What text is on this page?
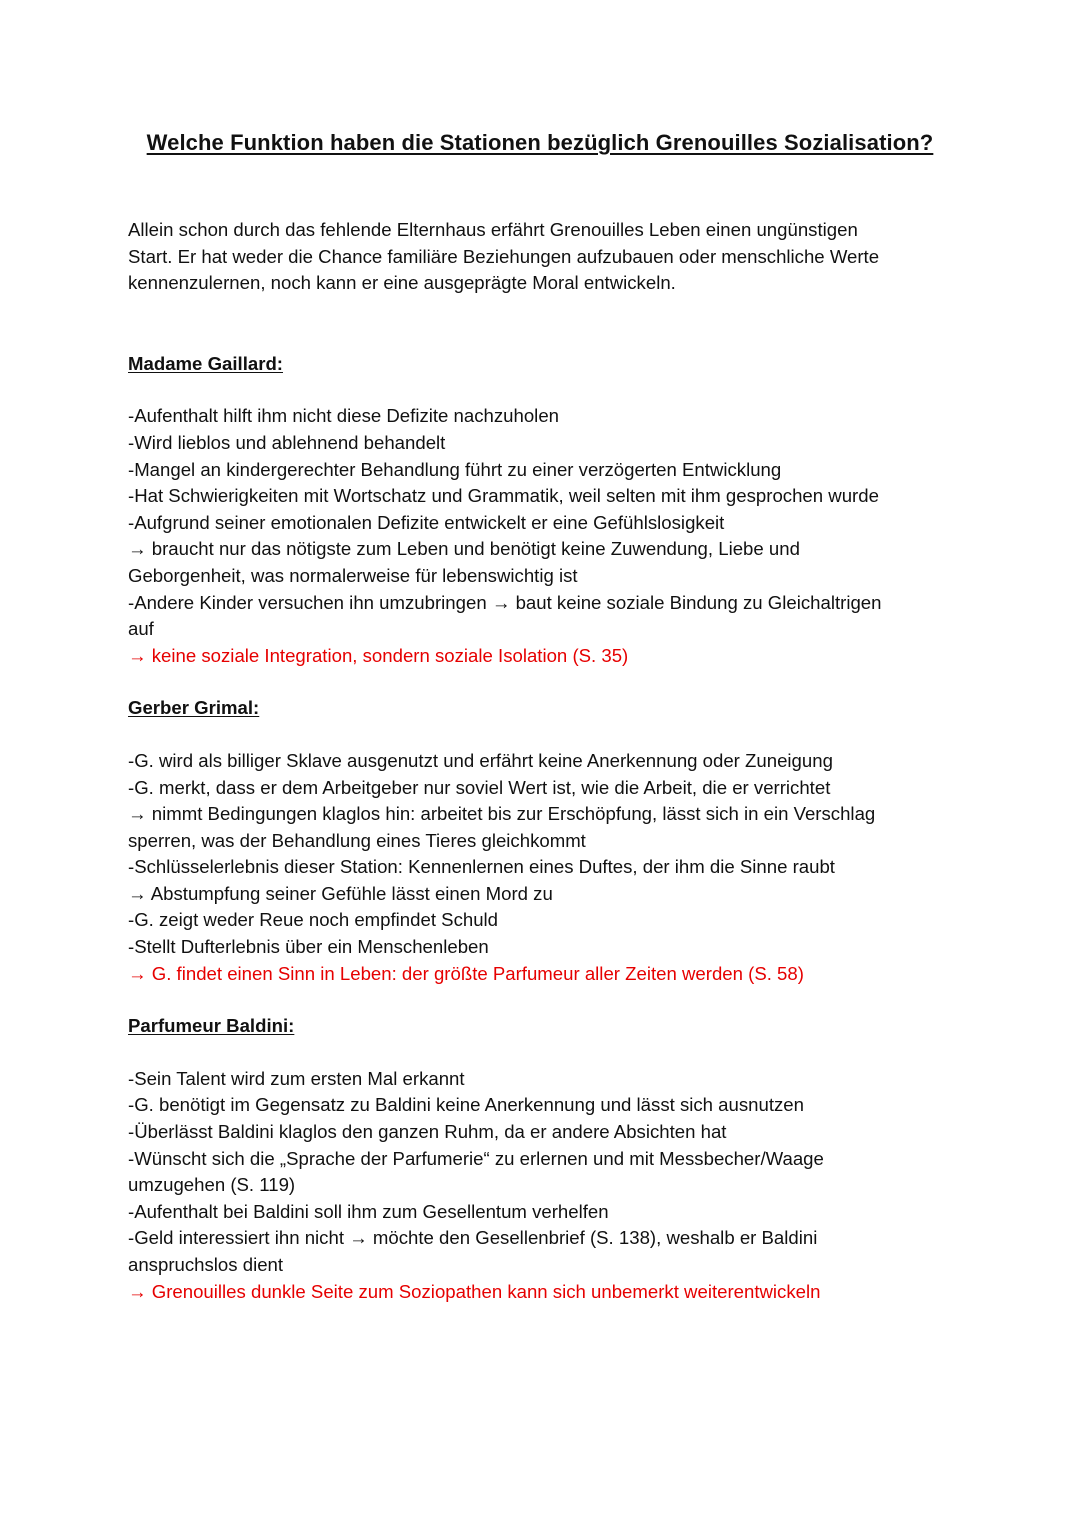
Welche Funktion haben die Stationen bezüglich Grenouilles Sozialisation?
Allein schon durch das fehlende Elternhaus erfährt Grenouilles Leben einen ungünstigen
Start. Er hat weder die Chance familiäre Beziehungen aufzubauen oder menschliche Werte
kennenzulernen, noch kann er eine ausgeprägte Moral entwickeln.
Madame Gaillard:
-Aufenthalt hilft ihm nicht diese Defizite nachzuholen
-Wird lieblos und ablehnend behandelt
-Mangel an kindergerechter Behandlung führt zu einer verzögerten Entwicklung
-Hat Schwierigkeiten mit Wortschatz und Grammatik, weil selten mit ihm gesprochen wurde
-Aufgrund seiner emotionalen Defizite entwickelt er eine Gefühlslosigkeit
→ braucht nur das nötigste zum Leben und benötigt keine Zuwendung, Liebe und
Geborgenheit, was normalerweise für lebenswichtig ist
-Andere Kinder versuchen ihn umzubringen → baut keine soziale Bindung zu Gleichaltrigen
auf
→ keine soziale Integration, sondern soziale Isolation (S. 35)
Gerber Grimal:
-G. wird als billiger Sklave ausgenutzt und erfährt keine Anerkennung oder Zuneigung
-G. merkt, dass er dem Arbeitgeber nur soviel Wert ist, wie die Arbeit, die er verrichtet
→ nimmt Bedingungen klaglos hin: arbeitet bis zur Erschöpfung, lässt sich in ein Verschlag
sperren, was der Behandlung eines Tieres gleichkommt
-Schlüsselerlebnis dieser Station: Kennenlernen eines Duftes, der ihm die Sinne raubt
→ Abstumpfung seiner Gefühle lässt einen Mord zu
-G. zeigt weder Reue noch empfindet Schuld
-Stellt Dufterlebnis über ein Menschenleben
→ G. findet einen Sinn in Leben: der größte Parfumeur aller Zeiten werden (S. 58)
Parfumeur Baldini:
-Sein Talent wird zum ersten Mal erkannt
-G. benötigt im Gegensatz zu Baldini keine Anerkennung und lässt sich ausnutzen
-Überlässt Baldini klaglos den ganzen Ruhm, da er andere Absichten hat
-Wünscht sich die „Sprache der Parfumerie“ zu erlernen und mit Messbecher/Waage
umzugehen (S. 119)
-Aufenthalt bei Baldini soll ihm zum Gesellentum verhelfen
-Geld interessiert ihn nicht → möchte den Gesellenbrief (S. 138), weshalb er Baldini
anspruchslos dient
→ Grenouilles dunkle Seite zum Soziopathen kann sich unbemerkt weiterentwickeln
